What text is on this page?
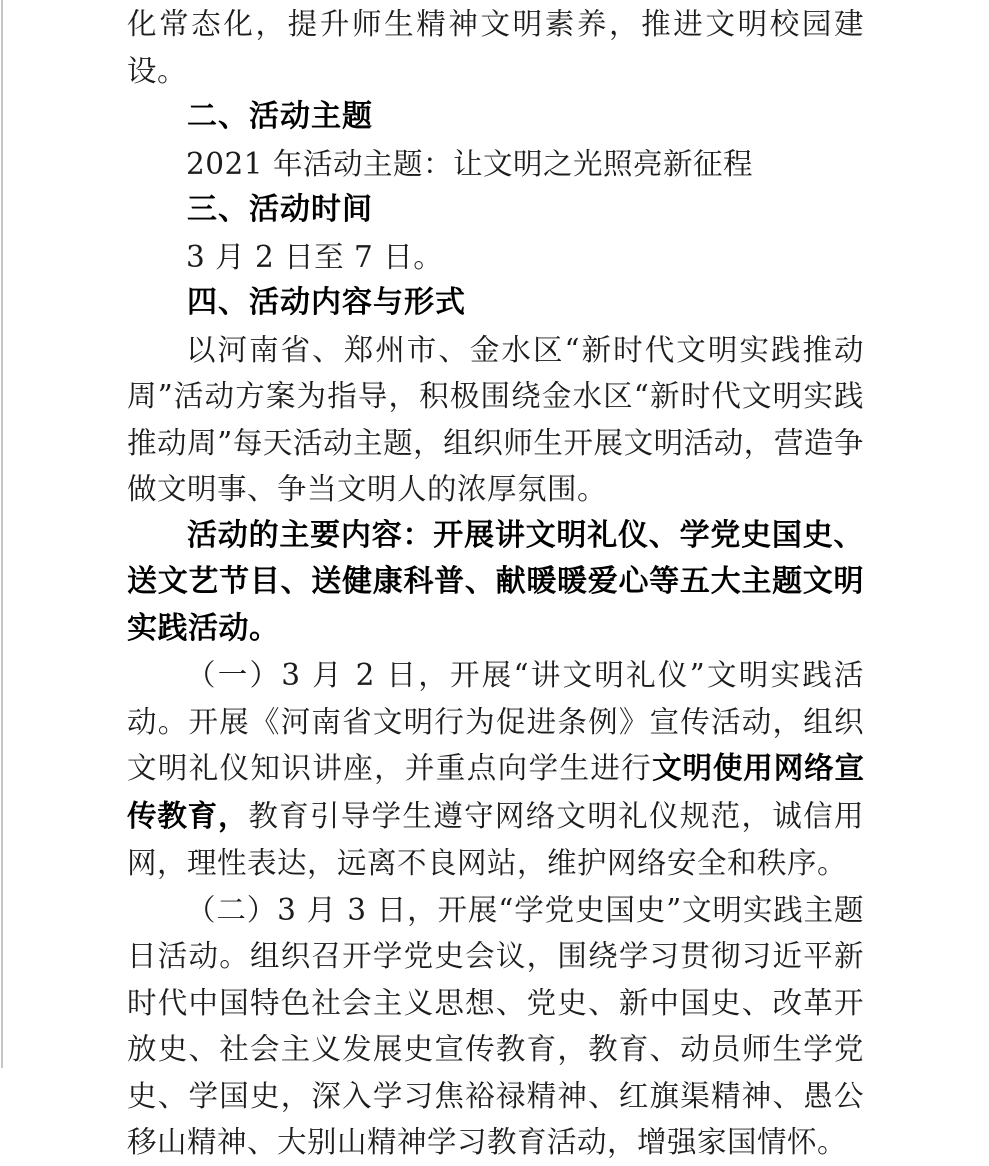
化常态化，提升师生精神文明素养，推进文明校园建设。

二、活动主题

2021 年活动主题：让文明之光照亮新征程

三、活动时间

3 月 2 日至 7 日。

四、活动内容与形式

以河南省、郑州市、金水区“新时代文明实践推动周”活动方案为指导，积极围绕金水区“新时代文明实践推动周”每天活动主题，组织师生开展文明活动，营造争做文明事、争当文明人的浓厚氛围。

活动的主要内容：开展讲文明礼仪、学党史国史、送文艺节目、送健康科普、献暖暖爱心等五大主题文明实践活动。

（一）3 月 2 日，开展“讲文明礼仪”文明实践活动。开展《河南省文明行为促进条例》宣传活动，组织文明礼仪知识讲座，并重点向学生进行文明使用网络宣传教育，教育引导学生遵守网络文明礼仪规范，诚信用网，理性表达，远离不良网站，维护网络安全和秩序。

（二）3 月 3 日，开展“学党史国史”文明实践主题日活动。组织召开学党史会议，围绕学习贯彻习近平新时代中国特色社会主义思想、党史、新中国史、改革开放史、社会主义发展史宣传教育，教育、动员师生学党史、学国史，深入学习焦裕禄精神、红旗渠精神、愚公移山精神、大别山精神学习教育活动，增强家国情怀。
